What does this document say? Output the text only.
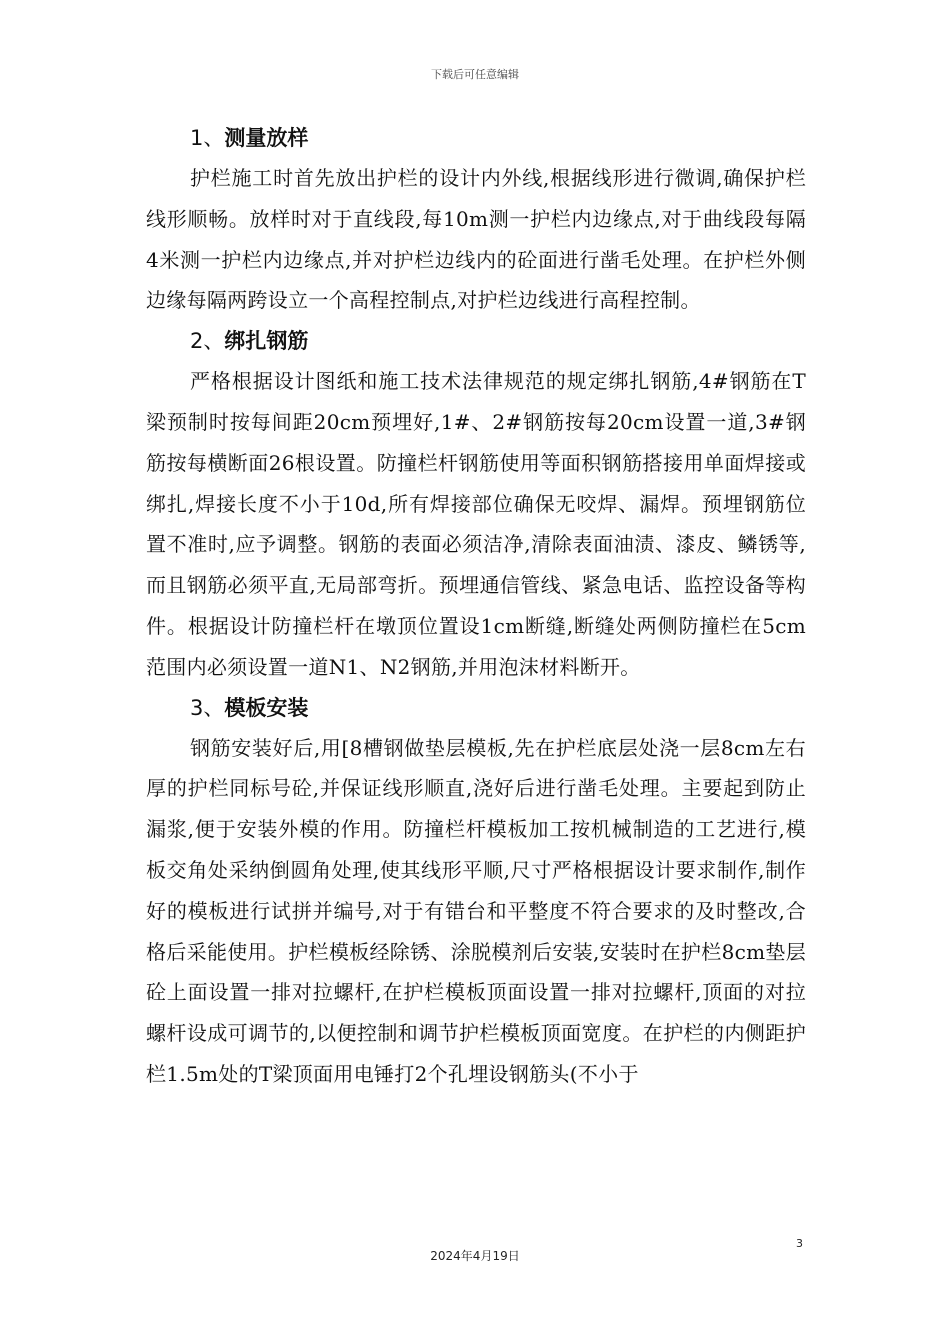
下载后可任意编辑
1、测量放样

护栏施工时首先放出护栏的设计内外线,根据线形进行微调,确保护栏线形顺畅。放样时对于直线段,每10m测一护栏内边缘点,对于曲线段每隔4米测一护栏内边缘点,并对护栏边线内的砼面进行凿毛处理。在护栏外侧边缘每隔两跨设立一个高程控制点,对护栏边线进行高程控制。

2、绑扎钢筋

严格根据设计图纸和施工技术法律规范的规定绑扎钢筋,4#钢筋在T梁预制时按每间距20cm预埋好,1#、2#钢筋按每20cm设置一道,3#钢筋按每横断面26根设置。防撞栏杆钢筋使用等面积钢筋搭接用单面焊接或绑扎,焊接长度不小于10d,所有焊接部位确保无咬焊、漏焊。预埋钢筋位置不准时,应予调整。钢筋的表面必须洁净,清除表面油渍、漆皮、鳞锈等,而且钢筋必须平直,无局部弯折。预埋通信管线、紧急电话、监控设备等构件。根据设计防撞栏杆在墩顶位置设1cm断缝,断缝处两侧防撞栏在5cm范围内必须设置一道N1、N2钢筋,并用泡沫材料断开。

3、模板安装

钢筋安装好后,用[8槽钢做垫层模板,先在护栏底层处浇一层8cm左右厚的护栏同标号砼,并保证线形顺直,浇好后进行凿毛处理。主要起到防止漏浆,便于安装外模的作用。防撞栏杆模板加工按机械制造的工艺进行,模板交角处采纳倒圆角处理,使其线形平顺,尺寸严格根据设计要求制作,制作好的模板进行试拼并编号,对于有错台和平整度不符合要求的及时整改,合格后采能使用。护栏模板经除锈、涂脱模剂后安装,安装时在护栏8cm垫层砼上面设置一排对拉螺杆,在护栏模板顶面设置一排对拉螺杆,顶面的对拉螺杆设成可调节的,以便控制和调节护栏模板顶面宽度。在护栏的内侧距护栏1.5m处的T梁顶面用电锤打2个孔埋设钢筋头(不小于

3
2024年4月19日
